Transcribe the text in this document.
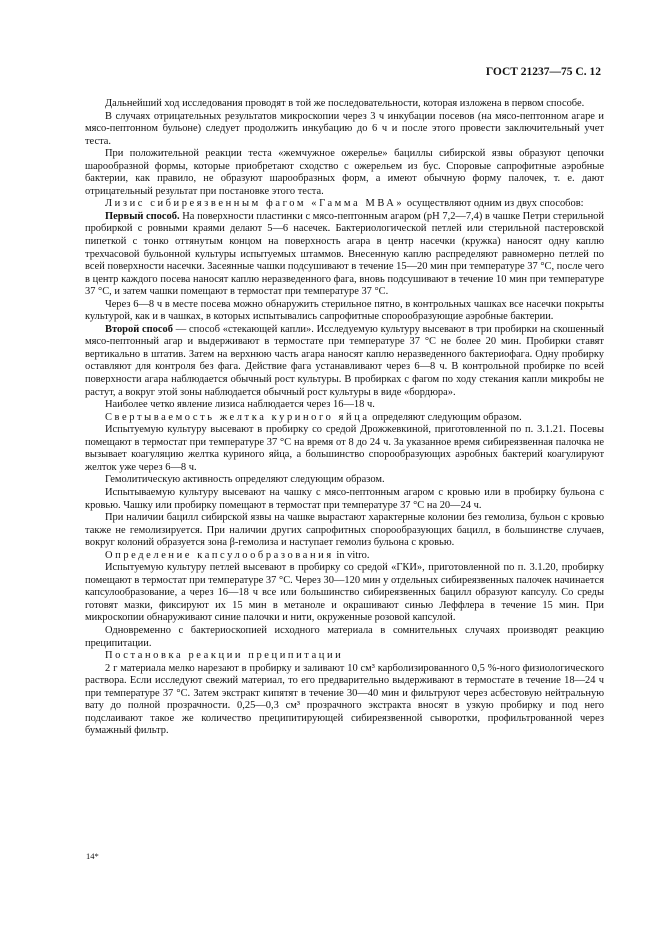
ГОСТ 21237—75 С. 12

Дальнейший ход исследования проводят в той же последовательности, которая изложена в первом способе.

В случаях отрицательных результатов микроскопии через 3 ч инкубации посевов (на мясо-пептонном агаре и мясо-пептонном бульоне) следует продолжить инкубацию до 6 ч и после этого провести заключительный учет теста.

При положительной реакции теста «жемчужное ожерелье» бациллы сибирской язвы образуют цепочки шарообразной формы, которые приобретают сходство с ожерельем из бус. Споровые сапрофитные аэробные бактерии, как правило, не образуют шарообразных форм, а имеют обычную форму палочек, т. е. дают отрицательный результат при постановке этого теста.

Лизис сибиреязвенным фагом «Гамма МВА» осуществляют одним из двух способов:

Первый способ. На поверхности пластинки с мясо-пептонным агаром (рН 7,2—7,4) в чашке Петри стерильной пробиркой с ровными краями делают 5—6 насечек. Бактериологической петлей или стерильной пастеровской пипеткой с тонко оттянутым концом на поверхность агара в центр насечки (кружка) наносят одну каплю трехчасовой бульонной культуры испытуемых штаммов. Внесенную каплю распределяют равномерно петлей по всей поверхности насечки. Засеянные чашки подсушивают в течение 15—20 мин при температуре 37 °С, после чего в центр каждого посева наносят каплю неразведенного фага, вновь подсушивают в течение 10 мин при температуре 37 °С, и затем чашки помещают в термостат при температуре 37 °С.

Через 6—8 ч в месте посева можно обнаружить стерильное пятно, в контрольных чашках все насечки покрыты культурой, как и в чашках, в которых испытывались сапрофитные спорообразующие аэробные бактерии.

Второй способ — способ «стекающей капли». Исследуемую культуру высевают в три пробирки на скошенный мясо-пептонный агар и выдерживают в термостате при температуре 37 °С не более 20 мин. Пробирки ставят вертикально в штатив. Затем на верхнюю часть агара наносят каплю неразведенного бактериофага. Одну пробирку оставляют для контроля без фага. Действие фага устанавливают через 6—8 ч. В контрольной пробирке по всей поверхности агара наблюдается обычный рост культуры. В пробирках с фагом по ходу стекания капли микробы не растут, а вокруг этой зоны наблюдается обычный рост культуры в виде «бордюра».

Наиболее четко явление лизиса наблюдается через 16—18 ч.

Свертываемость желтка куриного яйца определяют следующим образом.

Испытуемую культуру высевают в пробирку со средой Дрожжевкиной, приготовленной по п. 3.1.21. Посевы помещают в термостат при температуре 37 °С на время от 8 до 24 ч. За указанное время сибиреязвенная палочка не вызывает коагуляцию желтка куриного яйца, а большинство спорообразующих аэробных бактерий коагулируют желток уже через 6—8 ч.

Гемолитическую активность определяют следующим образом.

Испытываемую культуру высевают на чашку с мясо-пептонным агаром с кровью или в пробирку бульона с кровью. Чашку или пробирку помещают в термостат при температуре 37 °С на 20—24 ч.

При наличии бацилл сибирской язвы на чашке вырастают характерные колонии без гемолиза, бульон с кровью также не гемолизируется. При наличии других сапрофитных спорообразующих бацилл, в большинстве случаев, вокруг колоний образуется зона β-гемолиза и наступает гемолиз бульона с кровью.

Определение капсулообразования in vitro.

Испытуемую культуру петлей высевают в пробирку со средой «ГКИ», приготовленной по п. 3.1.20, пробирку помещают в термостат при температуре 37 °С. Через 30—120 мин у отдельных сибиреязвенных палочек начинается капсулообразование, а через 16—18 ч все или большинство сибиреязвенных бацилл образуют капсулу. Со среды готовят мазки, фиксируют их 15 мин в метаноле и окрашивают синью Леффлера в течение 15 мин. При микроскопии обнаруживают синие палочки и нити, окруженные розовой капсулой.

Одновременно с бактериоскопией исходного материала в сомнительных случаях производят реакцию преципитации.

Постановка реакции преципитации

2 г материала мелко нарезают в пробирку и заливают 10 см³ карболизированного 0,5 %-ного физиологического раствора. Если исследуют свежий материал, то его предварительно выдерживают в термостате в течение 18—24 ч при температуре 37 °С. Затем экстракт кипятят в течение 30—40 мин и фильтруют через асбестовую нейтральную вату до полной прозрачности. 0,25—0,3 см³ прозрачного экстракта вносят в узкую пробирку и под него подслаивают такое же количество преципитирующей сибиреязвенной сыворотки, профильтрованной через бумажный фильтр.

14*
